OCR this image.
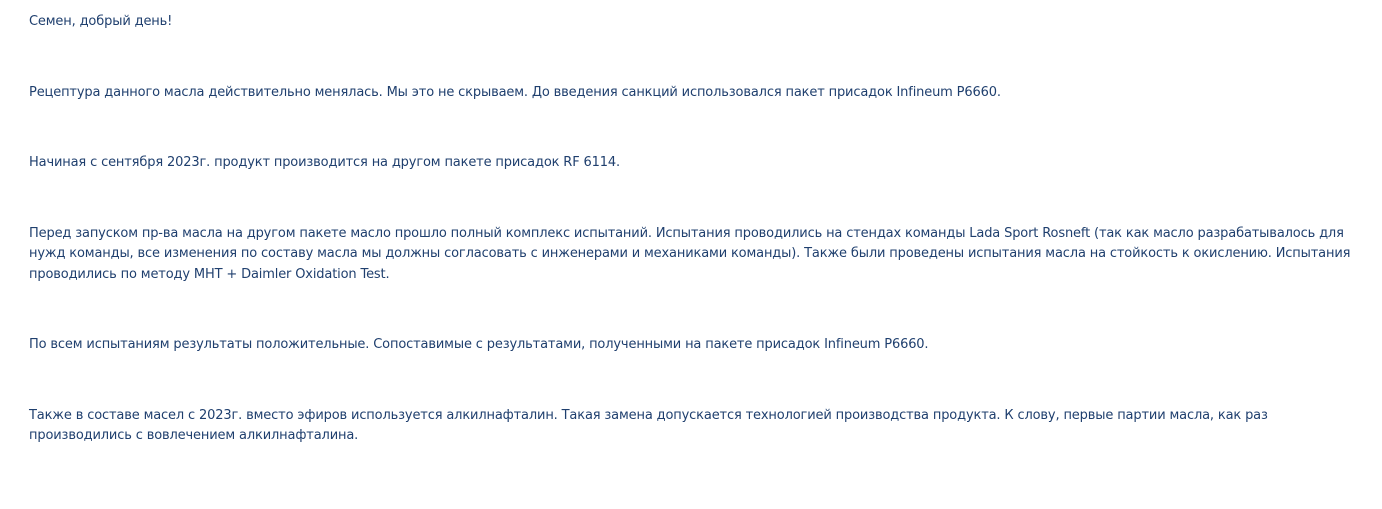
Семен, добрый день!

Рецептура данного масла действительно менялась. Мы это не скрываем. До введения санкций использовался пакет присадок Infineum P6660.

Начиная с сентября 2023г. продукт производится на другом пакете присадок RF 6114.

Перед запуском пр-ва масла на другом пакете масло прошло полный комплекс испытаний. Испытания проводились на стендах команды Lada Sport Rosneft (так как масло разрабатывалось для нужд команды, все изменения по составу масла мы должны согласовать с инженерами и механиками команды). Также были проведены испытания масла на стойкость к окислению. Испытания проводились по методу МНТ + Daimler Oxidation Test.

По всем испытаниям результаты положительные. Сопоставимые с результатами, полученными на пакете присадок Infineum P6660.

Также в составе масел с 2023г. вместо эфиров используется алкилнафталин. Такая замена допускается технологией производства продукта. К слову, первые партии масла, как раз производились с вовлечением алкилнафталина.
